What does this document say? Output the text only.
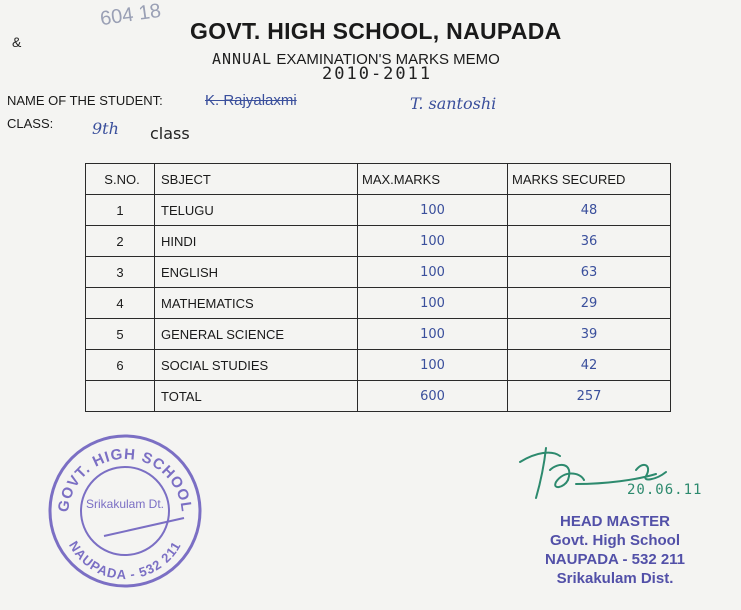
604 18
&	GOVT. HIGH SCHOOL, NAUPADA
ANNUAL EXAMINATION'S MARKS MEMO
2010-2011
NAME OF THE STUDENT:	K. Rajyalaxmi	T. santoshi
CLASS: 9th class
S.NO.	SBJECT	MAX.MARKS	MARKS SECURED
1	TELUGU	100	48
2	HINDI	100	36
3	ENGLISH	100	63
4	MATHEMATICS	100	29
5	GENERAL SCIENCE	100	39
6	SOCIAL STUDIES	100	42
	TOTAL	600	257
GOVT. HIGH SCHOOL
NAUPADA - 532 211
Srikakulam Dt.
20.06.11
HEAD MASTER
Govt. High School
NAUPADA - 532 211
Srikakulam Dist.
